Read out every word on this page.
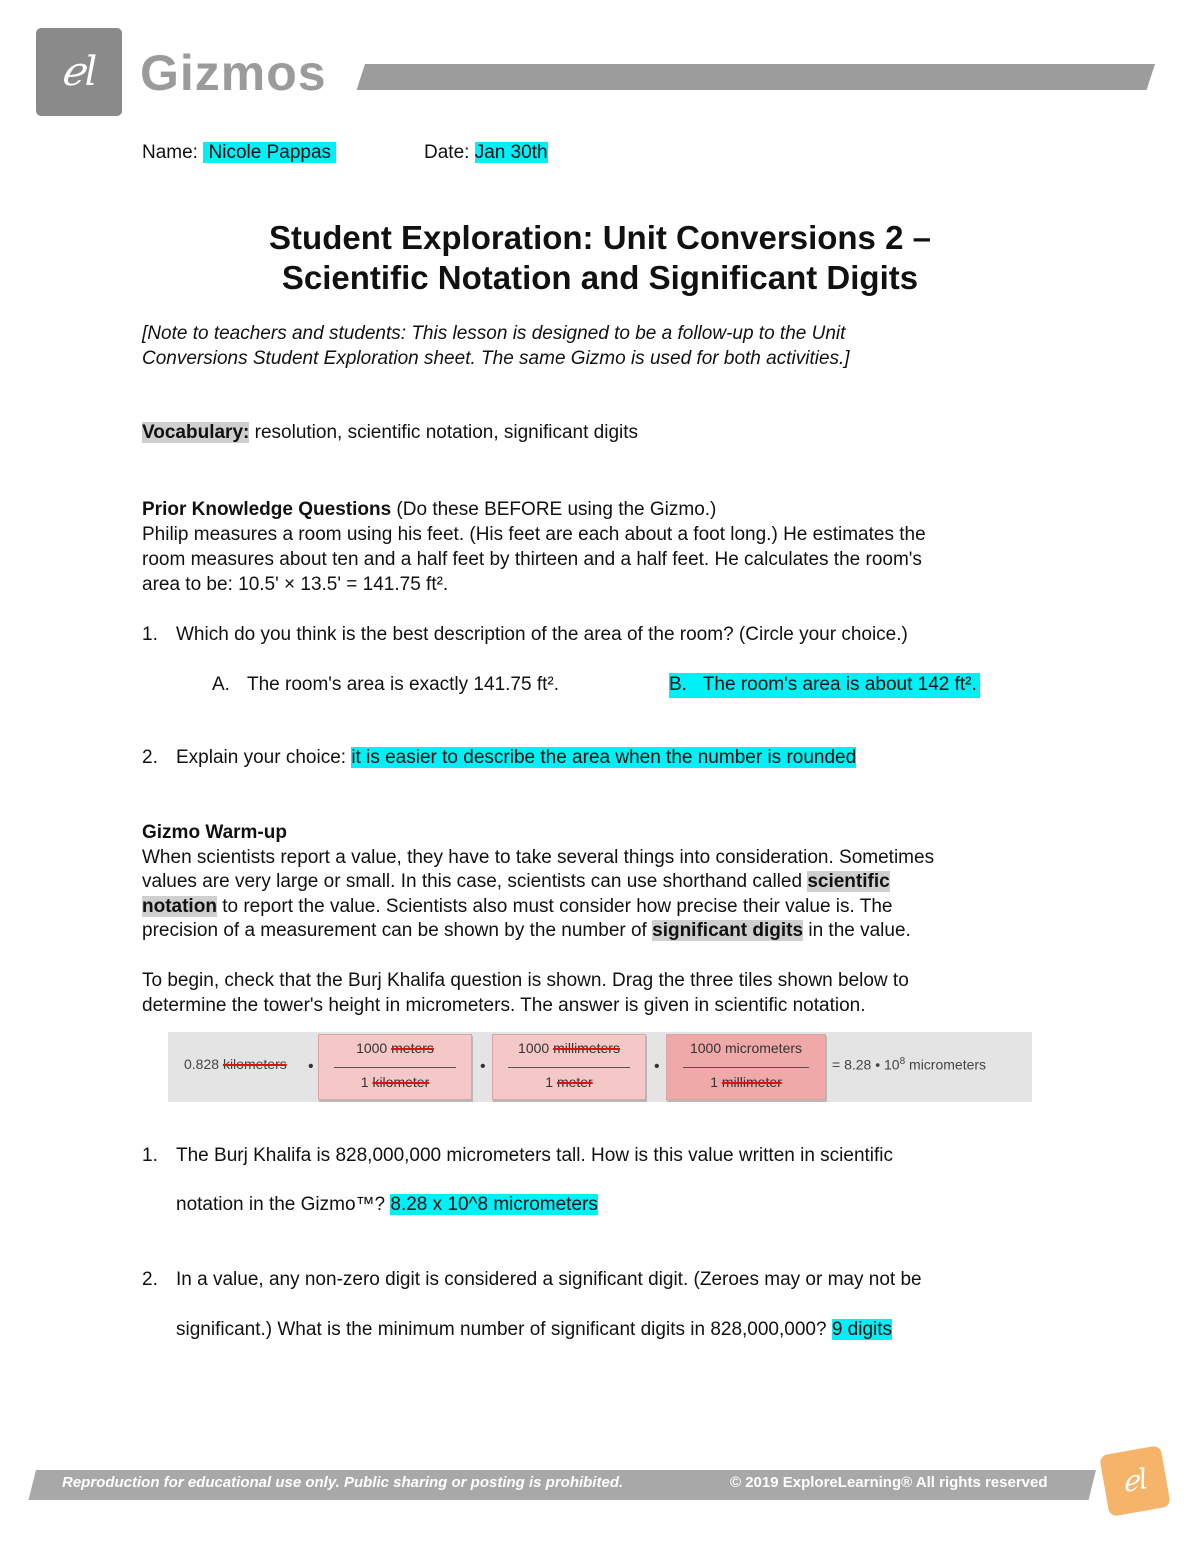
ℯl Gizmos
Name: Nicole Pappas	Date: Jan 30th
Student Exploration: Unit Conversions 2 –
Scientific Notation and Significant Digits
[Note to teachers and students: This lesson is designed to be a follow-up to the Unit
Conversions Student Exploration sheet. The same Gizmo is used for both activities.]
Vocabulary: resolution, scientific notation, significant digits
Prior Knowledge Questions (Do these BEFORE using the Gizmo.)
Philip measures a room using his feet. (His feet are each about a foot long.) He estimates the
room measures about ten and a half feet by thirteen and a half feet. He calculates the room's
area to be: 10.5' × 13.5' = 141.75 ft².
1. Which do you think is the best description of the area of the room? (Circle your choice.)
A. The room's area is exactly 141.75 ft².	B. The room's area is about 142 ft².
2. Explain your choice: it is easier to describe the area when the number is rounded
Gizmo Warm-up
When scientists report a value, they have to take several things into consideration. Sometimes
values are very large or small. In this case, scientists can use shorthand called scientific
notation to report the value. Scientists also must consider how precise their value is. The
precision of a measurement can be shown by the number of significant digits in the value.
To begin, check that the Burj Khalifa question is shown. Drag the three tiles shown below to
determine the tower's height in micrometers. The answer is given in scientific notation.
0.828 kilometers •
1000 meters
1 kilometer
•
1000 millimeters
1 meter
•
1000 micrometers
1 millimeter
= 8.28 • $10^8$ micrometers
1. The Burj Khalifa is 828,000,000 micrometers tall. How is this value written in scientific
notation in the Gizmo™? 8.28 x 10^8 micrometers
2. In a value, any non-zero digit is considered a significant digit. (Zeroes may or may not be
significant.) What is the minimum number of significant digits in 828,000,000? 9 digits
Reproduction for educational use only. Public sharing or posting is prohibited.	© 2019 ExploreLearning® All rights reserved	ℯl
